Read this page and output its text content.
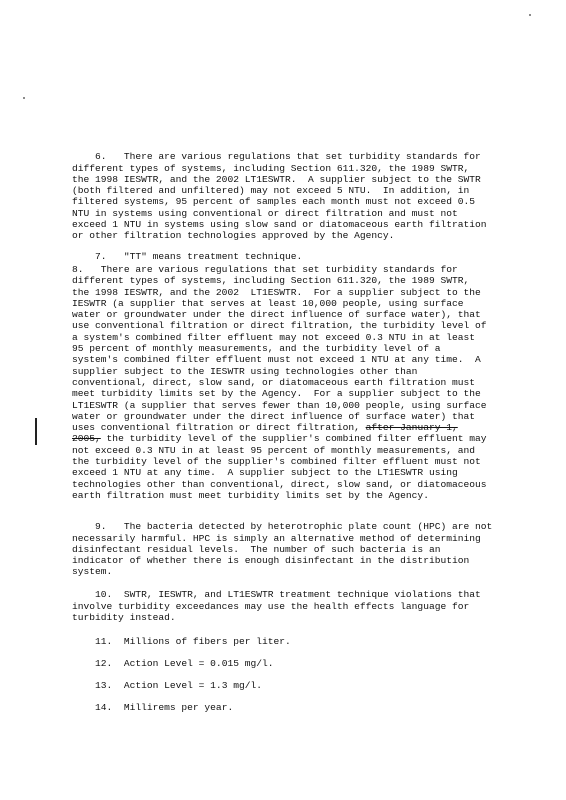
6.   There are various regulations that set turbidity standards for
different types of systems, including Section 611.320, the 1989 SWTR,
the 1998 IESWTR, and the 2002 LT1ESWTR.  A supplier subject to the SWTR
(both filtered and unfiltered) may not exceed 5 NTU.  In addition, in
filtered systems, 95 percent of samples each month must not exceed 0.5
NTU in systems using conventional or direct filtration and must not
exceed 1 NTU in systems using slow sand or diatomaceous earth filtration
or other filtration technologies approved by the Agency.

7.   "TT" means treatment technique.

8.   There are various regulations that set turbidity standards for
different types of systems, including Section 611.320, the 1989 SWTR,
the 1998 IESWTR, and the 2002  LT1ESWTR.  For a supplier subject to the
IESWTR (a supplier that serves at least 10,000 people, using surface
water or groundwater under the direct influence of surface water), that
use conventional filtration or direct filtration, the turbidity level of
a system's combined filter effluent may not exceed 0.3 NTU in at least
95 percent of monthly measurements, and the turbidity level of a
system's combined filter effluent must not exceed 1 NTU at any time.  A
supplier subject to the IESWTR using technologies other than
conventional, direct, slow sand, or diatomaceous earth filtration must
meet turbidity limits set by the Agency.  For a supplier subject to the
LT1ESWTR (a supplier that serves fewer than 10,000 people, using surface
water or groundwater under the direct influence of surface water) that
uses conventional filtration or direct filtration, after January 1,
2005, the turbidity level of the supplier's combined filter effluent may
not exceed 0.3 NTU in at least 95 percent of monthly measurements, and
the turbidity level of the supplier's combined filter effluent must not
exceed 1 NTU at any time.  A supplier subject to the LT1ESWTR using
technologies other than conventional, direct, slow sand, or diatomaceous
earth filtration must meet turbidity limits set by the Agency.

9.   The bacteria detected by heterotrophic plate count (HPC) are not
necessarily harmful. HPC is simply an alternative method of determining
disinfectant residual levels.  The number of such bacteria is an
indicator of whether there is enough disinfectant in the distribution
system.

10.  SWTR, IESWTR, and LT1ESWTR treatment technique violations that
involve turbidity exceedances may use the health effects language for
turbidity instead.

11.  Millions of fibers per liter.

12.  Action Level = 0.015 mg/l.

13.  Action Level = 1.3 mg/l.

14.  Millirems per year.
